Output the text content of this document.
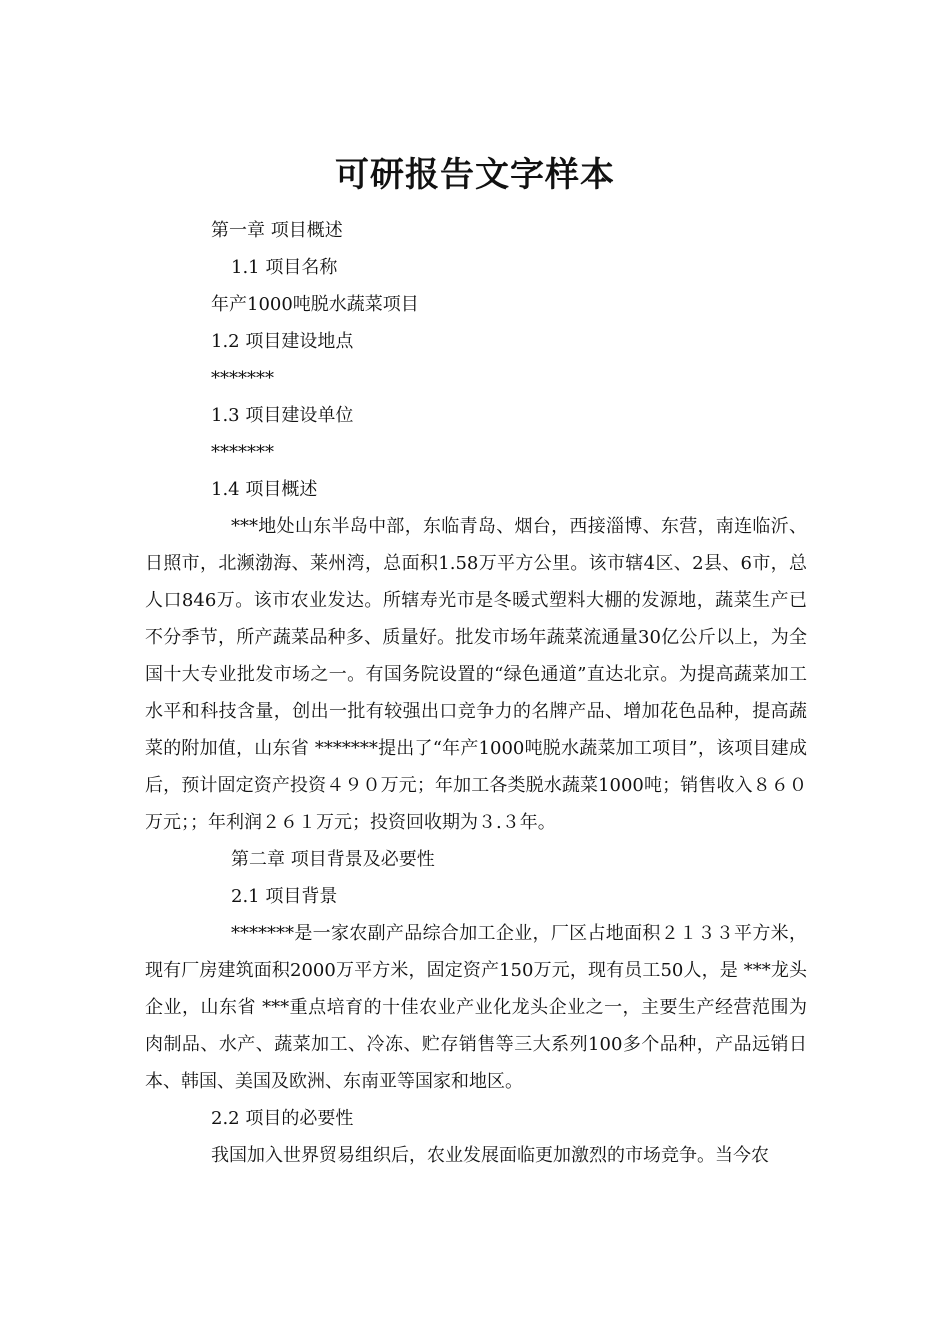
可研报告文字样本

第一章 项目概述

1.1 项目名称

年产1000吨脱水蔬菜项目

1.2 项目建设地点

*******

1.3 项目建设单位

*******

1.4 项目概述

***地处山东半岛中部，东临青岛、烟台，西接淄博、东营，南连临沂、日照市，北濒渤海、莱州湾，总面积1.58万平方公里。该市辖4区、2县、6市，总人口846万。该市农业发达。所辖寿光市是冬暖式塑料大棚的发源地，蔬菜生产已不分季节，所产蔬菜品种多、质量好。批发市场年蔬菜流通量30亿公斤以上，为全国十大专业批发市场之一。有国务院设置的“绿色通道”直达北京。为提高蔬菜加工水平和科技含量，创出一批有较强出口竞争力的名牌产品、增加花色品种，提高蔬菜的附加值，山东省 *******提出了“年产1000吨脱水蔬菜加工项目”，该项目建成后，预计固定资产投资４９０万元；年加工各类脱水蔬菜1000吨；销售收入８６０万元；；年利润２６１万元；投资回收期为３.３年。

第二章 项目背景及必要性

2.1 项目背景

*******是一家农副产品综合加工企业，厂区占地面积２１３３平方米，现有厂房建筑面积2000万平方米，固定资产150万元，现有员工50人，是 ***龙头企业，山东省 ***重点培育的十佳农业产业化龙头企业之一，主要生产经营范围为肉制品、水产、蔬菜加工、冷冻、贮存销售等三大系列100多个品种，产品远销日本、韩国、美国及欧洲、东南亚等国家和地区。

2.2 项目的必要性

我国加入世界贸易组织后，农业发展面临更加激烈的市场竞争。当今农
